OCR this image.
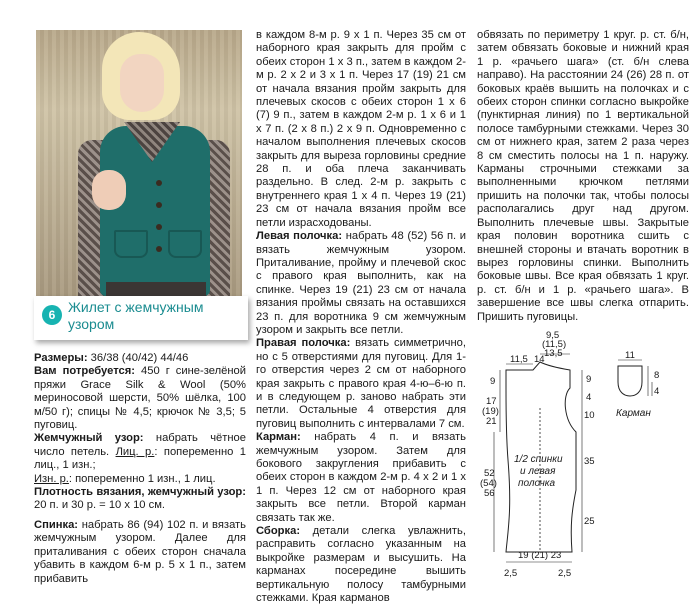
6 Жилет с жемчужным узором

Размеры: 36/38 (40/42) 44/46

Вам потребуется: 450 г сине-зелёной пряжи Grace Silk & Wool (50% мериносовой шерсти, 50% шёлка, 100 м/50 г); спицы № 4,5; крючок № 3,5; 5 пуговиц.

Жемчужный узор: набрать чётное число петель. Лиц. р.: попеременно 1 лиц., 1 изн.;
Изн. р.: попеременно 1 изн., 1 лиц.

Плотность вязания, жемчужный узор: 20 п. и 30 р. = 10 х 10 см.

Спинка: набрать 86 (94) 102 п. и вязать жемчужным узором. Далее для приталивания с обеих сторон сначала убавить в каждом 6-м р. 5 х 1 п., затем прибавить

в каждом 8-м р. 9 х 1 п. Через 35 см от наборного края закрыть для пройм с обеих сторон 1 х 3 п., затем в каждом 2-м р. 2 х 2 и 3 х 1 п. Через 17 (19) 21 см от начала вязания пройм закрыть для плечевых скосов с обеих сторон 1 х 6 (7) 9 п., затем в каждом 2-м р. 1 х 6 и 1 х 7 п. (2 х 8 п.) 2 х 9 п. Одновременно с началом выполнения плечевых скосов закрыть для выреза горловины средние 28 п. и оба плеча заканчивать раздельно. В след. 2-м р. закрыть с внутреннего края 1 х 4 п. Через 19 (21) 23 см от начала вязания пройм все петли израсходованы.

Левая полочка: набрать 48 (52) 56 п. и вязать жемчужным узором. Приталивание, пройму и плечевой скос с правого края выполнить, как на спинке. Через 19 (21) 23 см от начала вязания проймы связать на оставшихся 23 п. для воротника 9 см жемчужным узором и закрыть все петли.

Правая полочка: вязать симметрично, но с 5 отверстиями для пуговиц. Для 1-го отверстия через 2 см от наборного края закрыть с правого края 4-ю–6-ю п. и в следующем р. заново набрать эти петли. Остальные 4 отверстия для пуговиц выполнить с интервалами 7 см.

Карман: набрать 4 п. и вязать жемчужным узором. Затем для бокового закругления прибавить с обеих сторон в каждом 2-м р. 4 х 2 и 1 х 1 п. Через 12 см от наборного края закрыть все петли. Второй карман связать так же.

Сборка: детали слегка увлажнить, расправить согласно указанным на выкройке размерам и высушить. На карманах посередине вышить вертикальную полосу тамбурными стежками. Края карманов

обвязать по периметру 1 круг. р. ст. б/н, затем обвязать боковые и нижний края 1 р. «рачьего шага» (ст. б/н слева направо). На расстоянии 24 (26) 28 п. от боковых краёв вышить на полочках и с обеих сторон спинки согласно выкройке (пунктирная линия) по 1 вертикальной полосе тамбурными стежками. Через 30 см от нижнего края, затем 2 раза через 8 см сместить полосы на 1 п. наружу. Карманы строчными стежками за выполненными крючком петлями пришить на полочки так, чтобы полосы располагались друг над другом. Выполнить плечевые швы. Закрытые края половин воротника сшить с внешней стороны и втачать воротник в вырез горловины спинки. Выполнить боковые швы. Все края обвязать 1 круг. р. ст. б/н и 1 р. «рачьего шага». В завершение все швы слегка отпарить. Пришить пуговицы.

9,5
(11,5)
13,5
11,5 14
9
17
(19)
21
52
(54)
56
9
4
10
35
25
2,5
19 (21) 23
2,5
1/2 спинки
и левая
полочка
11
8
4
Карман
